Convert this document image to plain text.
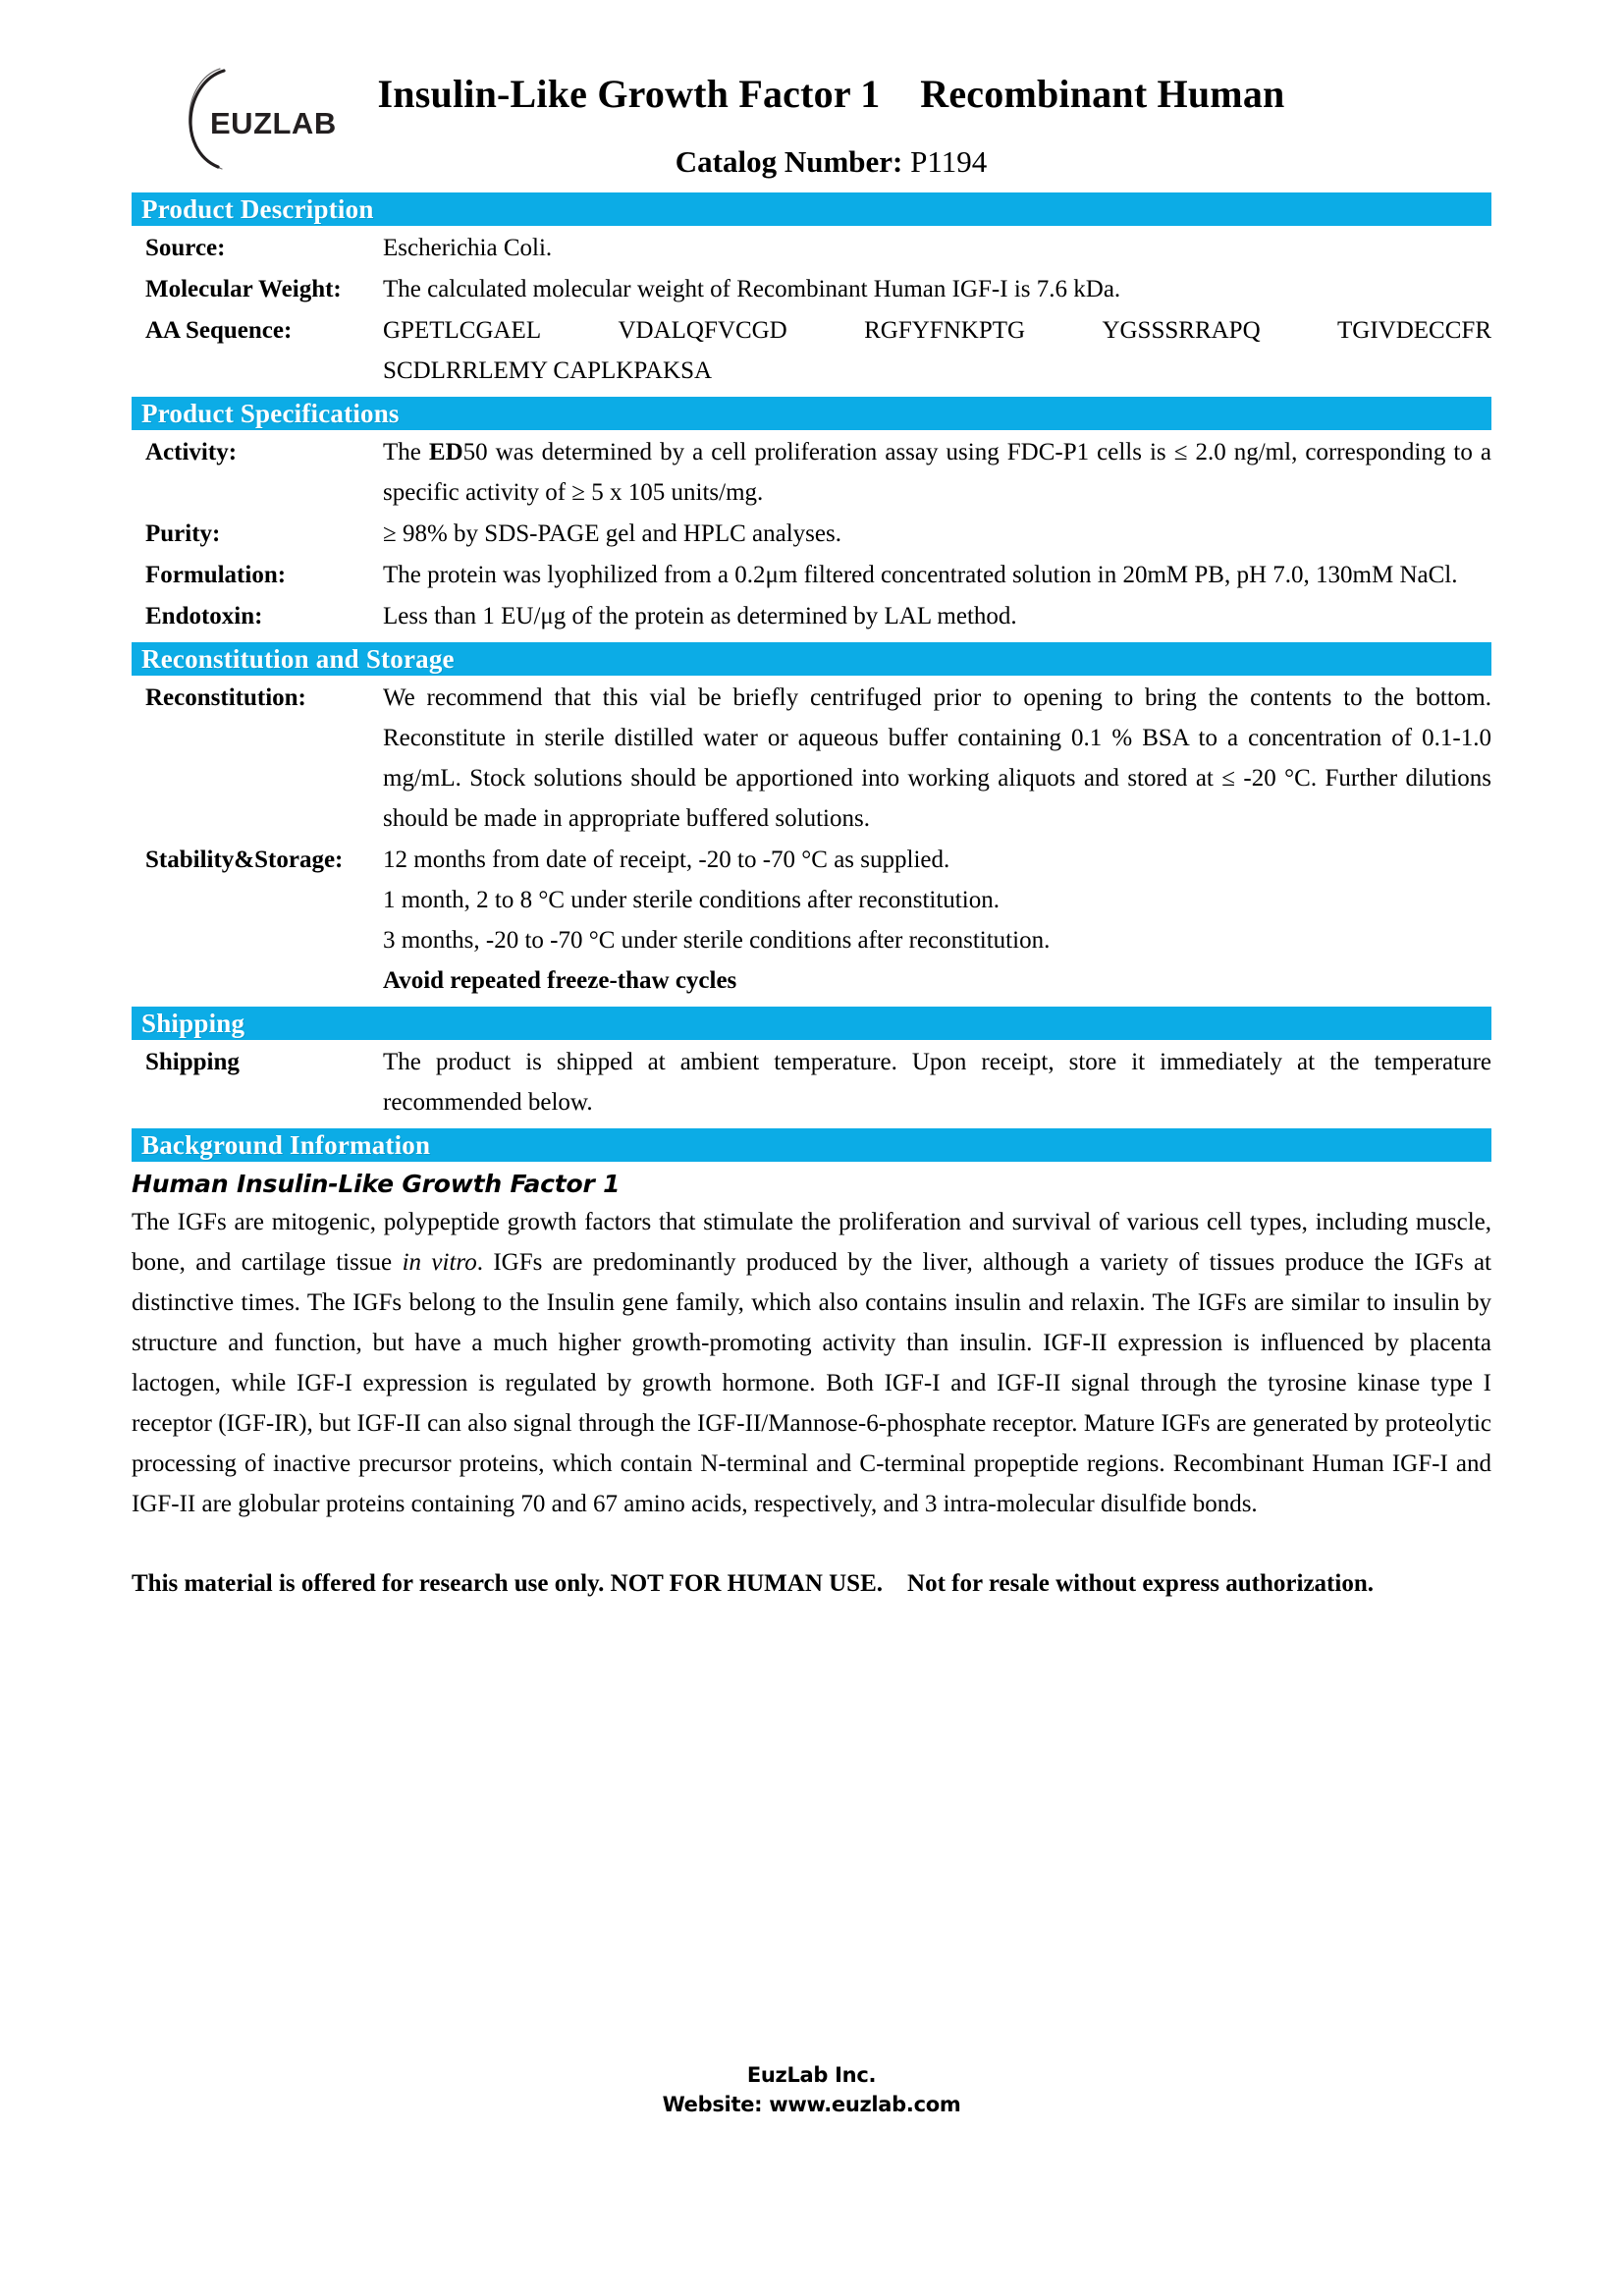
EUZLAB
Insulin-Like Growth Factor 1    Recombinant Human
Catalog Number: P1194
Product Description
Source:	Escherichia Coli.
Molecular Weight:	The calculated molecular weight of Recombinant Human IGF-I is 7.6 kDa.
AA Sequence:	GPETLCGAEL	VDALQFVCGD	RGFYFNKPTG	YGSSSRRAPQ	TGIVDECCFR
SCDLRRLEMY CAPLKPAKSA
Product Specifications
Activity:	The ED50 was determined by a cell proliferation assay using FDC-P1 cells is ≤ 2.0 ng/ml, corresponding to a specific activity of ≥ 5 x 105 units/mg.

Purity:	≥ 98% by SDS-PAGE gel and HPLC analyses.
Formulation:	The protein was lyophilized from a 0.2μm filtered concentrated solution in 20mM PB, pH 7.0, 130mM NaCl.

Endotoxin:	Less than 1 EU/μg of the protein as determined by LAL method.
Reconstitution and Storage
Reconstitution:	We recommend that this vial be briefly centrifuged prior to opening to bring the contents to the bottom. Reconstitute in sterile distilled water or aqueous buffer containing 0.1 % BSA to a concentration of 0.1-1.0 mg/mL. Stock solutions should be apportioned into working aliquots and stored at ≤ -20 °C. Further dilutions should be made in appropriate buffered solutions.

Stability&Storage:	12 months from date of receipt, -20 to -70 °C as supplied.

1 month, 2 to 8 °C under sterile conditions after reconstitution.

3 months, -20 to -70 °C under sterile conditions after reconstitution.

Avoid repeated freeze-thaw cycles

Shipping
Shipping	The product is shipped at ambient temperature. Upon receipt, store it immediately at the temperature recommended below.

Background Information
Human Insulin-Like Growth Factor 1

The IGFs are mitogenic, polypeptide growth factors that stimulate the proliferation and survival of various cell types, including muscle, bone, and cartilage tissue in vitro. IGFs are predominantly produced by the liver, although a variety of tissues produce the IGFs at distinctive times. The IGFs belong to the Insulin gene family, which also contains insulin and relaxin. The IGFs are similar to insulin by structure and function, but have a much higher growth-promoting activity than insulin. IGF-II expression is influenced by placenta lactogen, while IGF-I expression is regulated by growth hormone. Both IGF-I and IGF-II signal through the tyrosine kinase type I receptor (IGF-IR), but IGF-II can also signal through the IGF-II/Mannose-6-phosphate receptor. Mature IGFs are generated by proteolytic processing of inactive precursor proteins, which contain N-terminal and C-terminal propeptide regions. Recombinant Human IGF-I and IGF-II are globular proteins containing 70 and 67 amino acids, respectively, and 3 intra-molecular disulfide bonds.

This material is offered for research use only. NOT FOR HUMAN USE.    Not for resale without express authorization.

EuzLab Inc.
Website: www.euzlab.com
